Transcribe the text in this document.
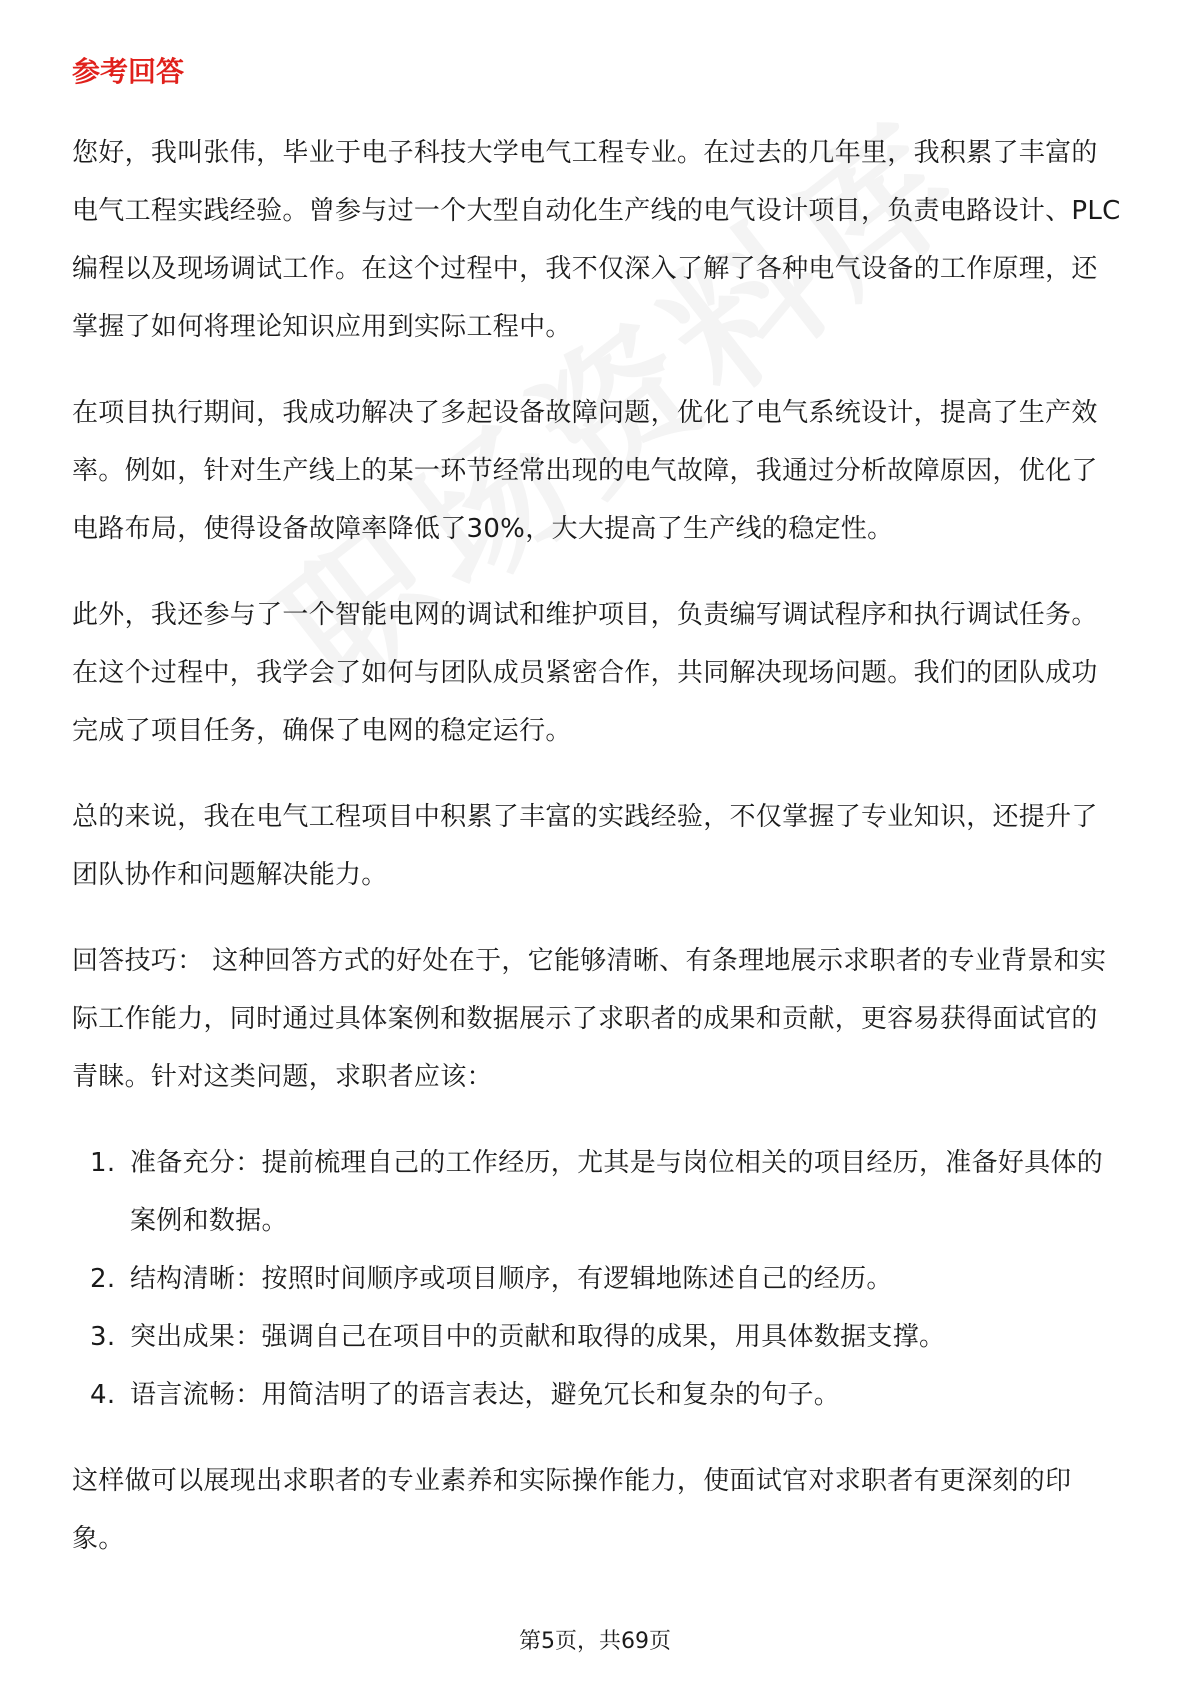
参考回答

您好，我叫张伟，毕业于电子科技大学电气工程专业。在过去的几年里，我积累了丰富的电气工程实践经验。曾参与过一个大型自动化生产线的电气设计项目，负责电路设计、PLC编程以及现场调试工作。在这个过程中，我不仅深入了解了各种电气设备的工作原理，还掌握了如何将理论知识应用到实际工程中。

在项目执行期间，我成功解决了多起设备故障问题，优化了电气系统设计，提高了生产效率。例如，针对生产线上的某一环节经常出现的电气故障，我通过分析故障原因，优化了电路布局，使得设备故障率降低了30%，大大提高了生产线的稳定性。

此外，我还参与了一个智能电网的调试和维护项目，负责编写调试程序和执行调试任务。在这个过程中，我学会了如何与团队成员紧密合作，共同解决现场问题。我们的团队成功完成了项目任务，确保了电网的稳定运行。

总的来说，我在电气工程项目中积累了丰富的实践经验，不仅掌握了专业知识，还提升了团队协作和问题解决能力。

回答技巧： 这种回答方式的好处在于，它能够清晰、有条理地展示求职者的专业背景和实际工作能力，同时通过具体案例和数据展示了求职者的成果和贡献，更容易获得面试官的青睐。针对这类问题，求职者应该：

1. 准备充分：提前梳理自己的工作经历，尤其是与岗位相关的项目经历，准备好具体的案例和数据。
2. 结构清晰：按照时间顺序或项目顺序，有逻辑地陈述自己的经历。
3. 突出成果：强调自己在项目中的贡献和取得的成果，用具体数据支撑。
4. 语言流畅：用简洁明了的语言表达，避免冗长和复杂的句子。

这样做可以展现出求职者的专业素养和实际操作能力，使面试官对求职者有更深刻的印象。

第5页，共69页
